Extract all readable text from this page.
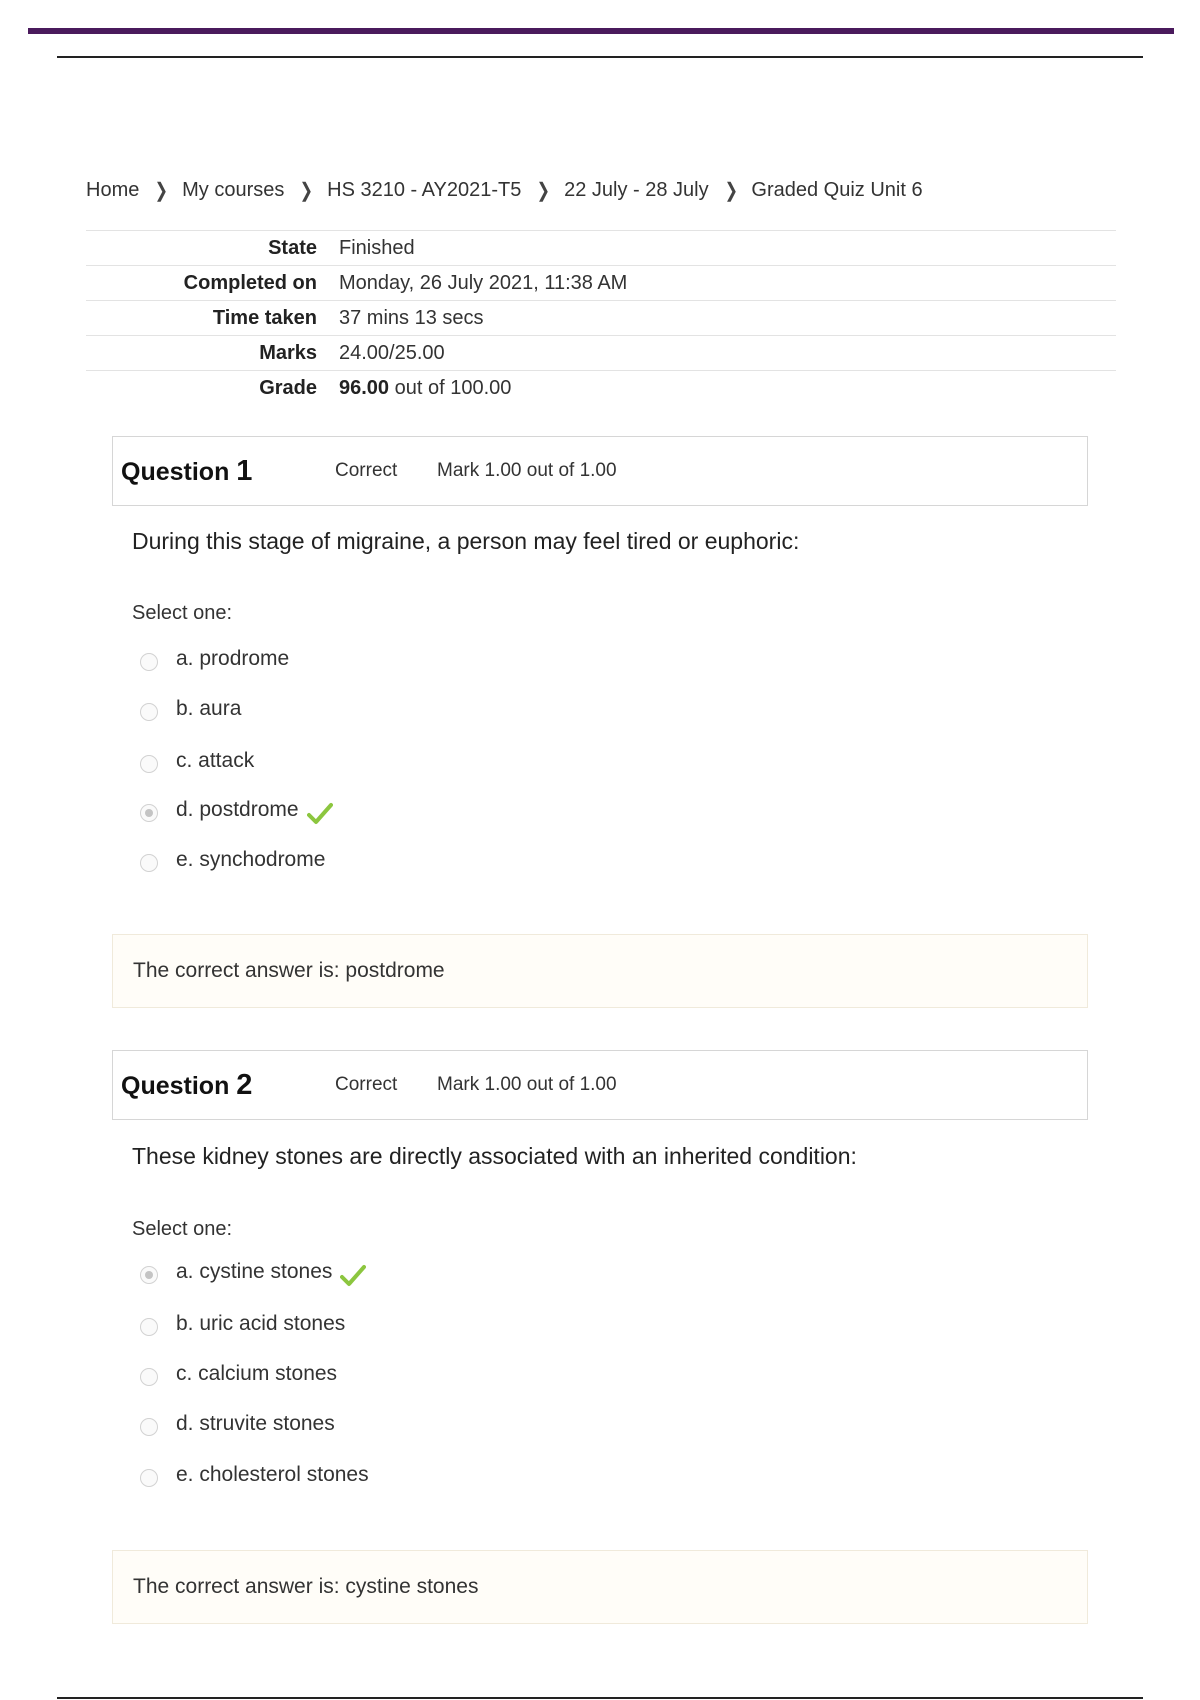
Home ❯ My courses ❯ HS 3210 - AY2021-T5 ❯ 22 July - 28 July ❯ Graded Quiz Unit 6
State Finished
Completed on Monday, 26 July 2021, 11:38 AM
Time taken 37 mins 13 secs
Marks 24.00/25.00
Grade 96.00 out of 100.00
Question 1	Correct	Mark 1.00 out of 1.00
During this stage of migraine, a person may feel tired or euphoric:
Select one:
a. prodrome
b. aura
c. attack
d. postdrome
e. synchodrome
The correct answer is: postdrome
Question 2	Correct	Mark 1.00 out of 1.00
These kidney stones are directly associated with an inherited condition:
Select one:
a. cystine stones
b. uric acid stones
c. calcium stones
d. struvite stones
e. cholesterol stones
The correct answer is: cystine stones
